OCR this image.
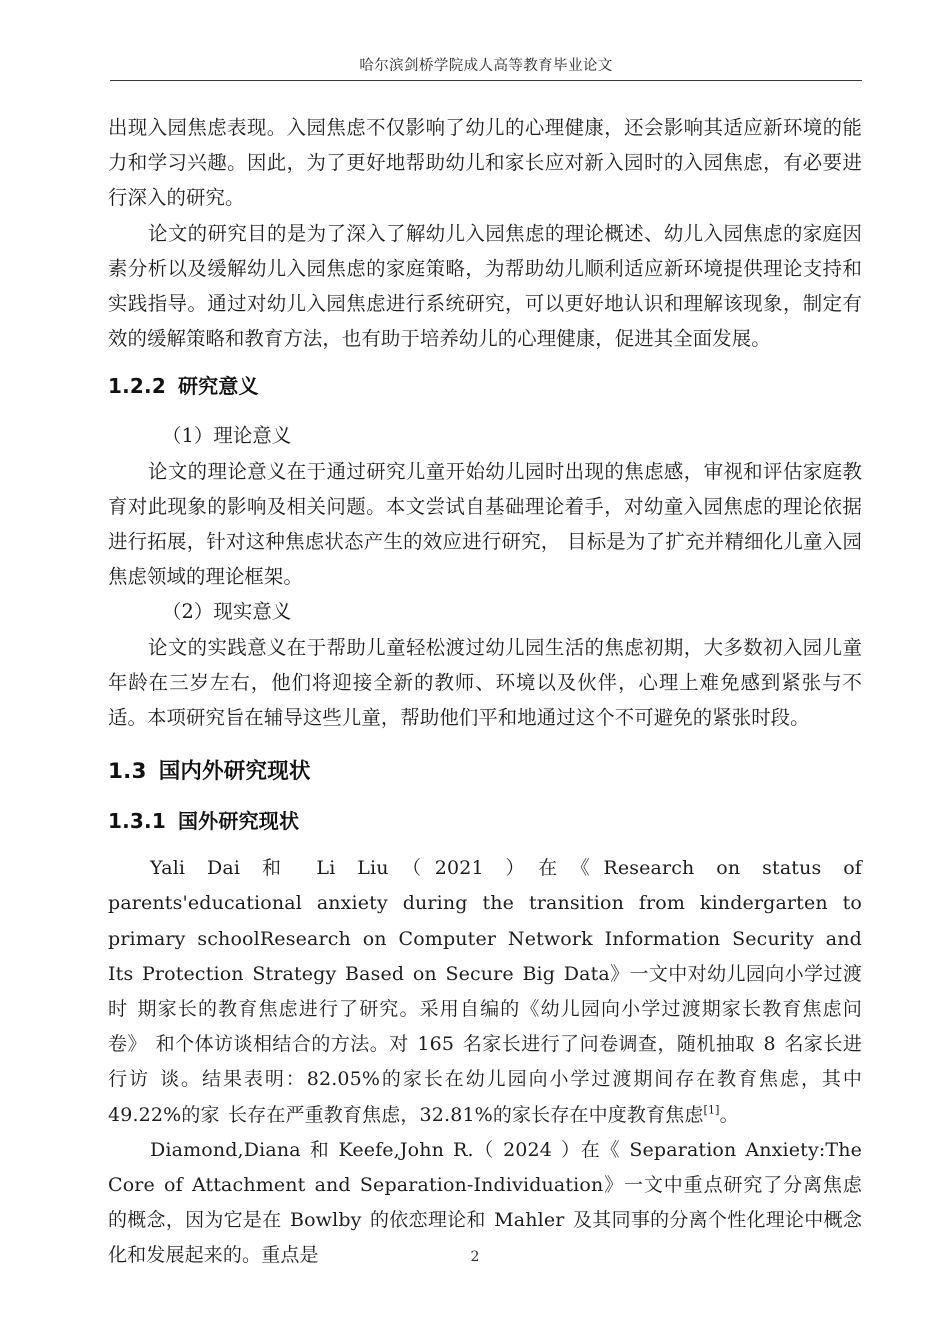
哈尔滨剑桥学院成人高等教育毕业论文

出现入园焦虑表现。入园焦虑不仅影响了幼儿的心理健康，还会影响其适应新环境的能力和学习兴趣。因此，为了更好地帮助幼儿和家长应对新入园时的入园焦虑，有必要进行深入的研究。

论文的研究目的是为了深入了解幼儿入园焦虑的理论概述、幼儿入园焦虑的家庭因素分析以及缓解幼儿入园焦虑的家庭策略，为帮助幼儿顺利适应新环境提供理论支持和实践指导。通过对幼儿入园焦虑进行系统研究，可以更好地认识和理解该现象，制定有效的缓解策略和教育方法，也有助于培养幼儿的心理健康，促进其全面发展。

1.2.2 研究意义

（1）理论意义

论文的理论意义在于通过研究儿童开始幼儿园时出现的焦虑感，审视和评估家庭教育对此现象的影响及相关问题。本文尝试自基础理论着手，对幼童入园焦虑的理论依据进行拓展，针对这种焦虑状态产生的效应进行研究， 目标是为了扩充并精细化儿童入园 焦虑领域的理论框架。

（2）现实意义

论文的实践意义在于帮助儿童轻松渡过幼儿园生活的焦虑初期，大多数初入园儿童年龄在三岁左右，他们将迎接全新的教师、环境以及伙伴，心理上难免感到紧张与不适。本项研究旨在辅导这些儿童，帮助他们平和地通过这个不可避免的紧张时段。

1.3 国内外研究现状
1.3.1 国外研究现状

Yali Dai 和 Li Liu（2021 ）在《Research on status of parents'educational anxiety during the transition from kindergarten to primary schoolResearch on Computer Network Information Security and Its Protection Strategy Based on Secure Big Data》一文中对幼儿园向小学过渡时 期家长的教育焦虑进行了研究。采用自编的《幼儿园向小学过渡期家长教育焦虑问卷》 和个体访谈相结合的方法。对 165 名家长进行了问卷调查，随机抽取 8 名家长进行访 谈。结果表明：82.05%的家长在幼儿园向小学过渡期间存在教育焦虑，其中 49.22%的家 长存在严重教育焦虑，32.81%的家长存在中度教育焦虑[1]。

Diamond,Diana 和 Keefe,John R.（ 2024 ）在《 Separation Anxiety:The Core of Attachment and Separation-Individuation》一文中重点研究了分离焦虑的概念，因为它是在 Bowlby 的依恋理论和 Mahler 及其同事的分离个性化理论中概念化和发展起来的。重点是	2
